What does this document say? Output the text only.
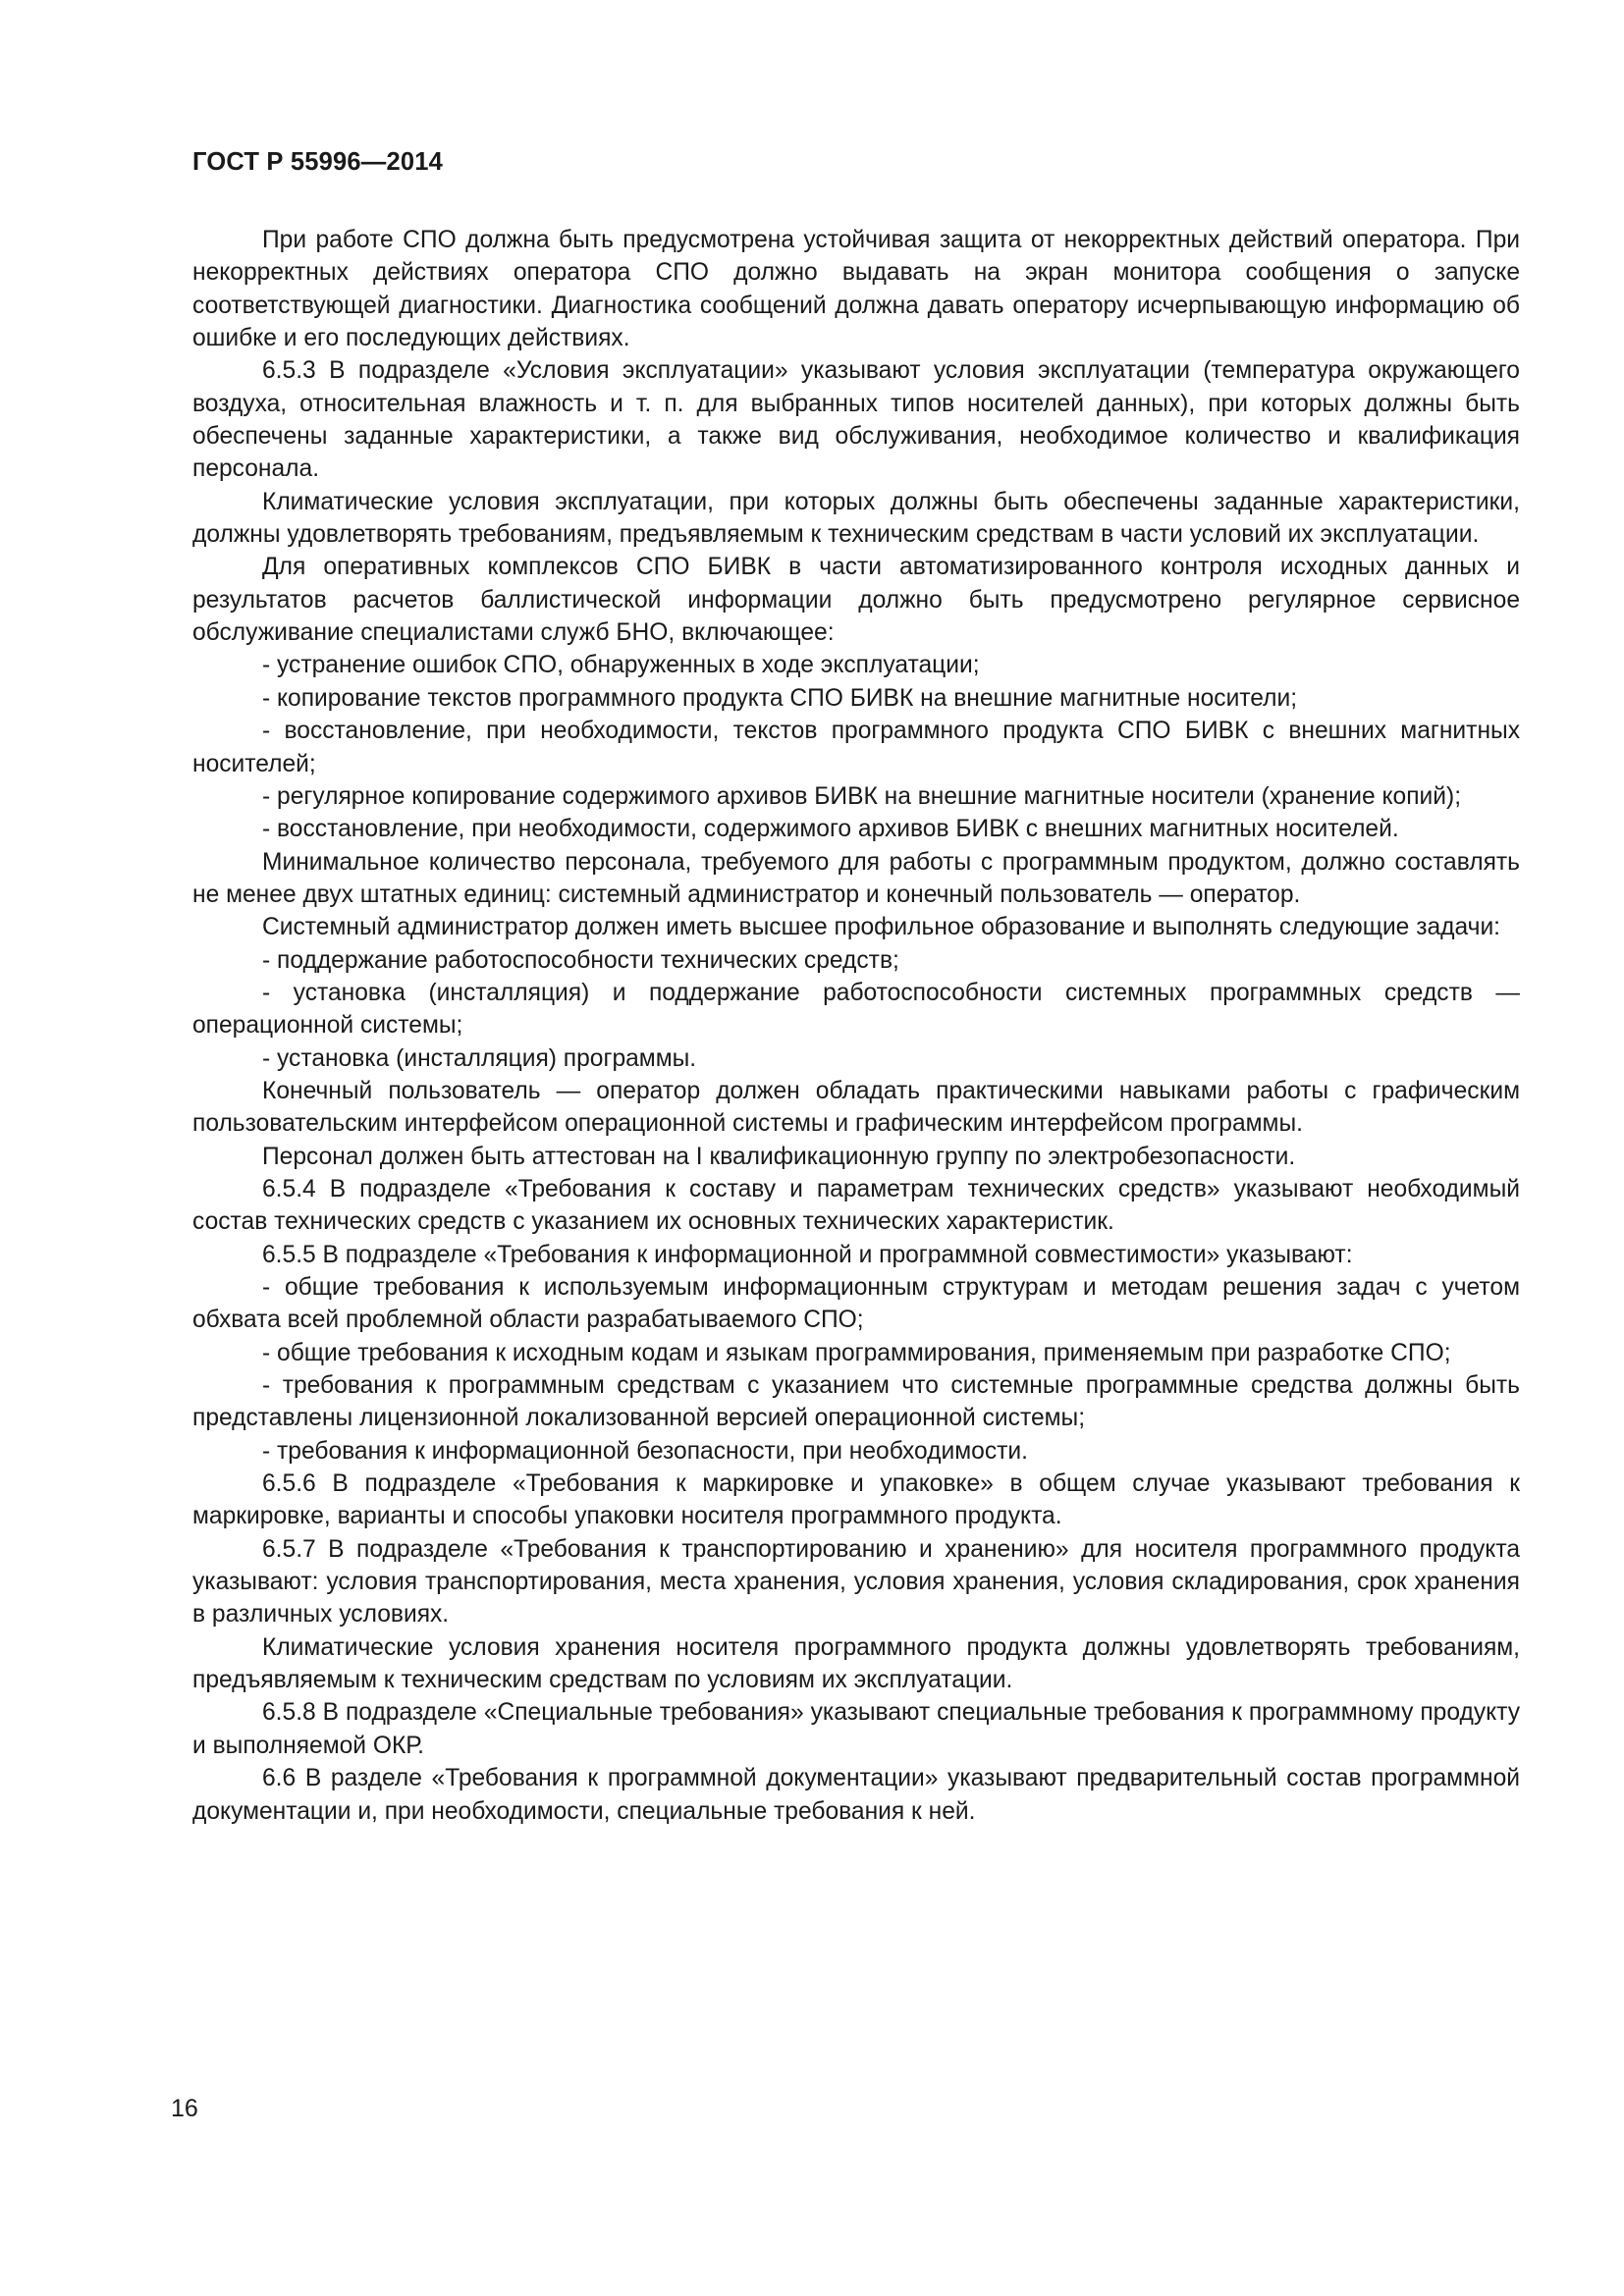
ГОСТ Р 55996—2014

При работе СПО должна быть предусмотрена устойчивая защита от некорректных действий оператора. При некорректных действиях оператора СПО должно выдавать на экран монитора сообщения о запуске соответствующей диагностики. Диагностика сообщений должна давать оператору исчерпывающую информацию об ошибке и его последующих действиях.

6.5.3 В подразделе «Условия эксплуатации» указывают условия эксплуатации (температура окружающего воздуха, относительная влажность и т. п. для выбранных типов носителей данных), при которых должны быть обеспечены заданные характеристики, а также вид обслуживания, необходимое количество и квалификация персонала.

Климатические условия эксплуатации, при которых должны быть обеспечены заданные характеристики, должны удовлетворять требованиям, предъявляемым к техническим средствам в части условий их эксплуатации.

Для оперативных комплексов СПО БИВК в части автоматизированного контроля исходных данных и результатов расчетов баллистической информации должно быть предусмотрено регулярное сервисное обслуживание специалистами служб БНО, включающее:

- устранение ошибок СПО, обнаруженных в ходе эксплуатации;

- копирование текстов программного продукта СПО БИВК на внешние магнитные носители;

- восстановление, при необходимости, текстов программного продукта СПО БИВК с внешних магнитных носителей;

- регулярное копирование содержимого архивов БИВК на внешние магнитные носители (хранение копий);

- восстановление, при необходимости, содержимого архивов БИВК с внешних магнитных носителей.

Минимальное количество персонала, требуемого для работы с программным продуктом, должно составлять не менее двух штатных единиц: системный администратор и конечный пользователь — оператор.

Системный администратор должен иметь высшее профильное образование и выполнять следующие задачи:

- поддержание работоспособности технических средств;

- установка (инсталляция) и поддержание работоспособности системных программных средств — операционной системы;

- установка (инсталляция) программы.

Конечный пользователь — оператор должен обладать практическими навыками работы с графическим пользовательским интерфейсом операционной системы и графическим интерфейсом программы.

Персонал должен быть аттестован на I квалификационную группу по электробезопасности.

6.5.4 В подразделе «Требования к составу и параметрам технических средств» указывают необходимый состав технических средств с указанием их основных технических характеристик.

6.5.5 В подразделе «Требования к информационной и программной совместимости» указывают:

- общие требования к используемым информационным структурам и методам решения задач с учетом обхвата всей проблемной области разрабатываемого СПО;

- общие требования к исходным кодам и языкам программирования, применяемым при разработке СПО;

- требования к программным средствам с указанием что системные программные средства должны быть представлены лицензионной локализованной версией операционной системы;

- требования к информационной безопасности, при необходимости.

6.5.6 В подразделе «Требования к маркировке и упаковке» в общем случае указывают требования к маркировке, варианты и способы упаковки носителя программного продукта.

6.5.7 В подразделе «Требования к транспортированию и хранению» для носителя программного продукта указывают: условия транспортирования, места хранения, условия хранения, условия складирования, срок хранения в различных условиях.

Климатические условия хранения носителя программного продукта должны удовлетворять требованиям, предъявляемым к техническим средствам по условиям их эксплуатации.

6.5.8 В подразделе «Специальные требования» указывают специальные требования к программному продукту и выполняемой ОКР.

6.6 В разделе «Требования к программной документации» указывают предварительный состав программной документации и, при необходимости, специальные требования к ней.

16
